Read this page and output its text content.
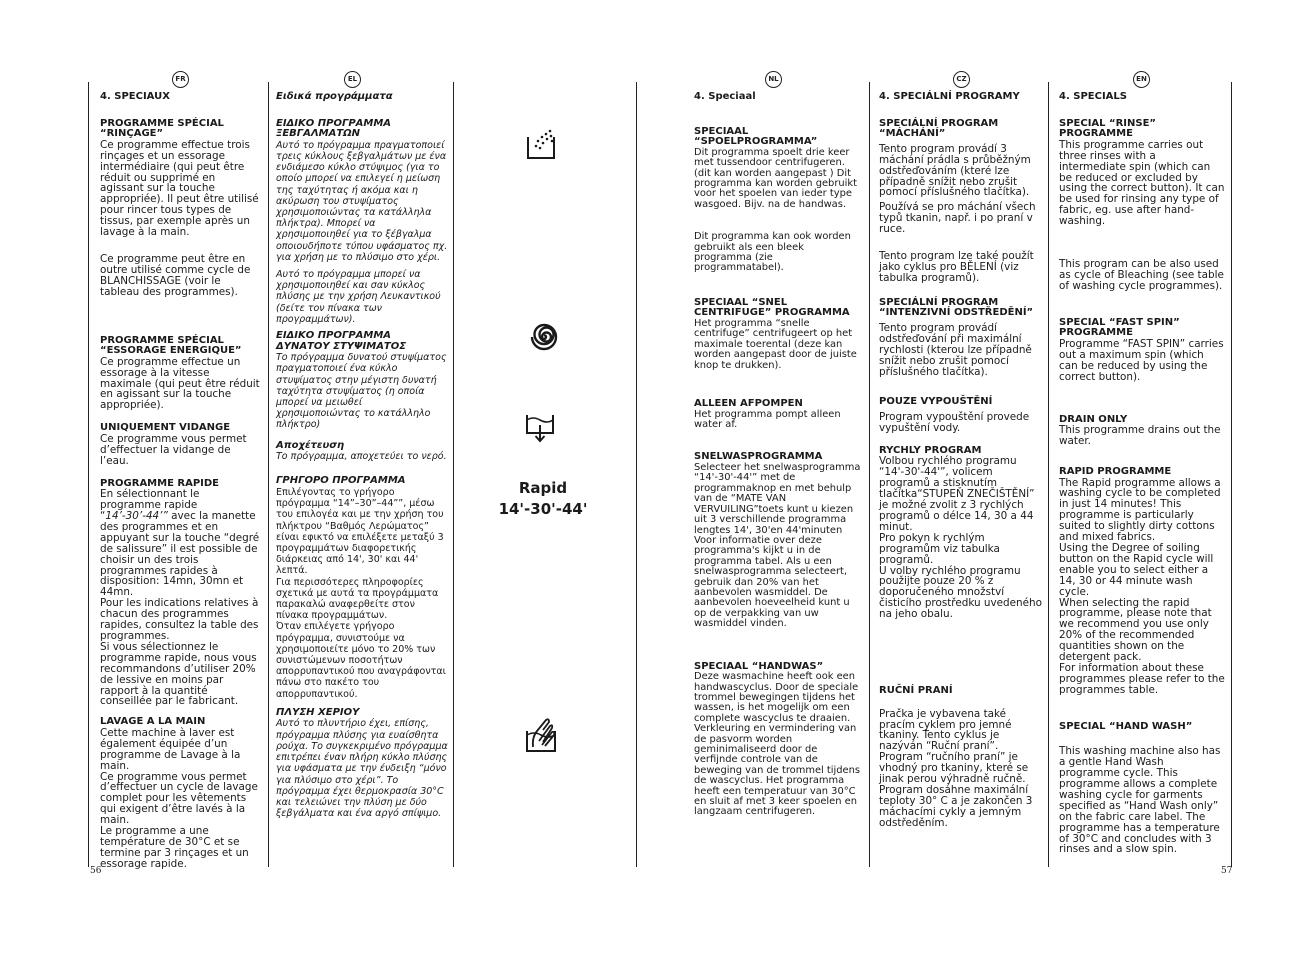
FR	EL	NL	CZ	EN
56	57

4. SPECIAUX

PROGRAMME SPÉCIAL “RINÇAGE”

Ce programme effectue trois rinçages et un essorage intermédiaire (qui peut être réduit ou supprimé en agissant sur la touche appropriée). Il peut être utilisé pour rincer tous types de tissus, par exemple après un lavage à la main.

Ce programme peut être en outre utilisé comme cycle de BLANCHISSAGE (voir le tableau des programmes).

PROGRAMME SPÉCIAL “ESSORAGE ENERGIQUE”

Ce programme effectue un essorage à la vitesse maximale (qui peut être réduit en agissant sur la touche appropriée).

UNIQUEMENT VIDANGE

Ce programme vous permet d’effectuer la vidange de l’eau.

PROGRAMME RAPIDE

En sélectionnant le programme rapide “14’-30’-44’” avec la manette des programmes et en appuyant sur la touche “degré de salissure” il est possible de choisir un des trois programmes rapides à disposition: 14mn, 30mn et 44mn.

Pour les indications relatives à chacun des programmes rapides, consultez la table des programmes.

Si vous sélectionnez le programme rapide, nous vous recommandons d’utiliser 20% de lessive en moins par rapport à la quantité conseillée par le fabricant.

LAVAGE A LA MAIN

Cette machine à laver est également équipée d’un programme de Lavage à la main.

Ce programme vous permet d’effectuer un cycle de lavage complet pour les vêtements qui exigent d’être lavés à la main.

Le programme a une température de 30°C et se termine par 3 rinçages et un essorage rapide.

Ειδικά προγράμματα

ΕΙΔΙΚΟ ΠΡΟΓΡΑΜΜΑ ΞΕΒΓΑΛΜΑΤΩΝ

Αυτό το πρόγραμμα πραγματοποιεί τρεις κύκλους ξεβγαλμάτων με ένα ενδιάμεσο κύκλο στύψιμος (για το οποίο μπορεί να επιλεγεί η μείωση της ταχύτητας ή ακόμα και η ακύρωση του στυψίματος χρησιμοποιώντας τα κατάλληλα πλήκτρα). Μπορεί να χρησιμοποιηθεί για το ξέβγαλμα οποιουδήποτε τύπου υφάσματος πχ. για χρήση με το πλύσιμο στο χέρι.

Αυτό το πρόγραμμα μπορεί να χρησιμοποιηθεί και σαν κύκλος πλύσης με την χρήση Λευκαντικού (δείτε τον πίνακα των προγραμμάτων).

ΕΙΔΙΚΟ ΠΡΟΓΡΑΜΜΑ ΔΥΝΑΤΟΥ ΣΤΥΨΙΜΑΤΟΣ

Το πρόγραμμα δυνατού στυψίματος πραγματοποιεί ένα κύκλο στυψίματος στην μέγιστη δυνατή ταχύτητα στυψίματος (η οποία μπορεί να μειωθεί χρησιμοποιώντας το κατάλληλο πλήκτρο)

Αποχέτευση

Το πρόγραμμα, αποχετεύει το νερό.

ΓΡΗΓΟΡΟ ΠΡΟΓΡΑΜΜΑ

Επιλέγοντας το γρήγορο πρόγραμμα “14”–30”–44””, μέσω του επιλογέα και με την χρήση του πλήκτρου “Βαθμός Λερώματος” είναι εφικτό να επιλέξετε μεταξύ 3 προγραμμάτων διαφορετικής διάρκειας από 14', 30' και 44' λεπτά.

Για περισσότερες πληροφορίες σχετικά με αυτά τα προγράμματα παρακαλώ αναφερθείτε στον πίνακα προγραμμάτων.

Όταν επιλέγετε γρήγορο πρόγραμμα, συνιστούμε να χρησιμοποιείτε μόνο το 20% των συνιστώμενων ποσοτήτων απορρυπαντικού που αναγράφονται πάνω στο πακέτο του απορρυπαντικού.

ΠΛΥΣΗ ΧΕΡΙΟΥ

Αυτό το πλυντήριο έχει, επίσης, πρόγραμμα πλύσης για ευαίσθητα ρούχα. Το συγκεκριμένο πρόγραμμα επιτρέπει έναν πλήρη κύκλο πλύσης για υφάσματα με την ένδειξη “μόνο για πλύσιμο στο χέρι”. Το πρόγραμμα έχει θερμοκρασία 30°C και τελειώνει την πλύση με δύο ξεβγάλματα και ένα αργό σπίψιμο.

Rapid
14'-30'-44'

4. Speciaal

SPECIAAL “SPOELPROGRAMMA”

Dit programma spoelt drie keer met tussendoor centrifugeren. (dit kan worden aangepast ) Dit programma kan worden gebruikt voor het spoelen van ieder type wasgoed. Bijv. na de handwas.

Dit programma kan ook worden gebruikt als een bleek programma (zie programmatabel).

SPECIAAL “SNEL CENTRIFUGE” PROGRAMMA

Het programma “snelle centrifuge” centrifugeert op het maximale toerental (deze kan worden aangepast door de juiste knop te drukken).

ALLEEN AFPOMPEN

Het programma pompt alleen water af.

SNELWASPROGRAMMA

Selecteer het snelwasprogramma “14'-30'-44'” met de programmaknop en met behulp van de “MATE VAN VERVUILING”toets kunt u kiezen uit 3 verschillende programma lengtes 14', 30'en 44'minuten Voor informatie over deze programma's kijkt u in de programma tabel. Als u een snelwasprogramma selecteert, gebruik dan 20% van het aanbevolen wasmiddel. De aanbevolen hoeveelheid kunt u op de verpakking van uw wasmiddel vinden.

SPECIAAL “HANDWAS”

Deze wasmachine heeft ook een handwascyclus. Door de speciale trommel bewegingen tijdens het wassen, is het mogelijk om een complete wascyclus te draaien. Verkleuring en vermindering van de pasvorm worden geminimaliseerd door de verfijnde controle van de beweging van de trommel tijdens de wascyclus. Het programma heeft een temperatuur van 30°C en sluit af met 3 keer spoelen en langzaam centrifugeren.

4. SPECIÁLNÍ PROGRAMY

SPECIÁLNÍ PROGRAM “MÁCHÁNÍ”

Tento program provádí 3 máchání prádla s průběžným odstřeďováním (které lze případně snížit nebo zrušit pomocí příslušného tlačítka).

Používá se pro máchání všech typů tkanin, např. i po praní v ruce.

Tento program lze také použít jako cyklus pro BĚLENÍ (viz tabulka programů).

SPECIÁLNÍ PROGRAM “INTENZIVNÍ ODSTŘEDĚNÍ”

Tento program provádí odstřeďování při maximální rychlosti (kterou lze případně snížit nebo zrušit pomocí příslušného tlačítka).

POUZE VYPOUŠTĚNÍ

Program vypouštění provede vypuštění vody.

RYCHLY PROGRAM

Volbou rychlého programu “14'-30'-44'”, volicem programů a stisknutím tlačítka“STUPEŇ ZNEČIŠTĚNÍ” je možné zvolit z 3 rychlých programů o délce 14, 30 a 44 minut.

Pro pokyn k rychlým programům viz tabulka programů.

U volby rychlého programu použijte pouze 20 % z doporučeného množství čisticího prostředku uvedeného na jeho obalu.

RUČNÍ PRANÍ

Pračka je vybavena také pracím cyklem pro jemné tkaniny. Tento cyklus je nazýván “Ruční praní”. Program “ručního praní” je vhodný pro tkaniny, které se jinak perou výhradně ručně. Program dosáhne maximální teploty 30° C a je zakončen 3 máchacími cykly a jemným odstředěním.

4. SPECIALS

SPECIAL “RINSE” PROGRAMME

This programme carries out three rinses with a intermediate spin (which can be reduced or excluded by using the correct button). It can be used for rinsing any type of fabric, eg. use after hand-washing.

This program can be also used as cycle of Bleaching (see table of washing cycle programmes).

SPECIAL “FAST SPIN” PROGRAMME

Programme “FAST SPIN” carries out a maximum spin (which can be reduced by using the correct button).

DRAIN ONLY

This programme drains out the water.

RAPID PROGRAMME

The Rapid programme allows a washing cycle to be completed in just 14 minutes! This programme is particularly suited to slightly dirty cottons and mixed fabrics.

Using the Degree of soiling button on the Rapid cycle will enable you to select either a 14, 30 or 44 minute wash cycle.

When selecting the rapid programme, please note that we recommend you use only 20% of the recommended quantities shown on the detergent pack.

For information about these programmes please refer to the programmes table.

SPECIAL “HAND WASH”

This washing machine also has a gentle Hand Wash programme cycle. This programme allows a complete washing cycle for garments specified as “Hand Wash only” on the fabric care label. The programme has a temperature of 30°C and concludes with 3 rinses and a slow spin.
